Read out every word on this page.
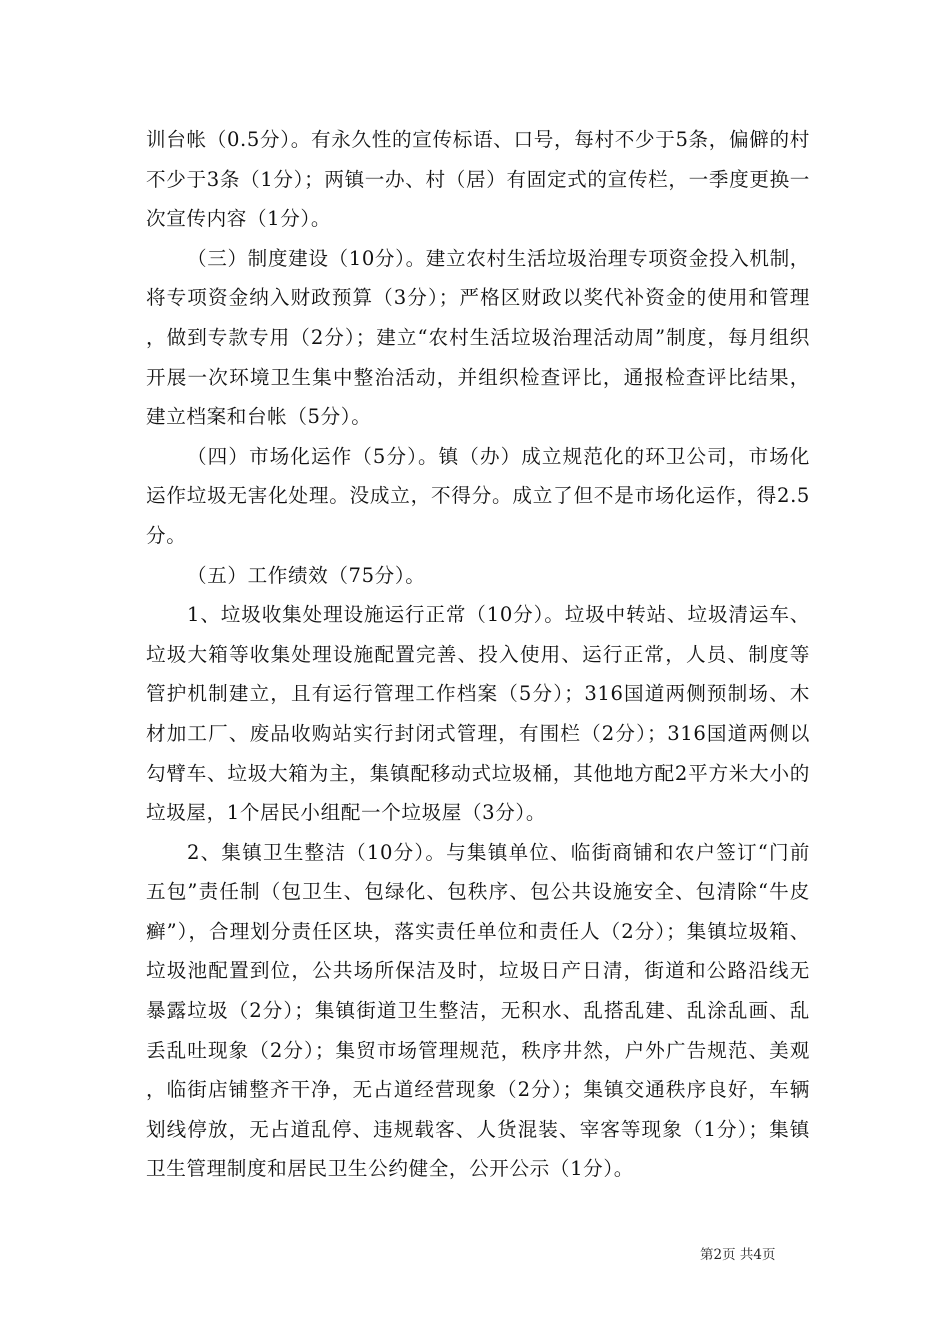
训台帐（0.5分）。有永久性的宣传标语、口号，每村不少于5条，偏僻的村不少于3条（1分）；两镇一办、村（居）有固定式的宣传栏，一季度更换一次宣传内容（1分）。

（三）制度建设（10分）。建立农村生活垃圾治理专项资金投入机制，将专项资金纳入财政预算（3分）；严格区财政以奖代补资金的使用和管理，做到专款专用（2分）；建立“农村生活垃圾治理活动周”制度，每月组织开展一次环境卫生集中整治活动，并组织检查评比，通报检查评比结果，建立档案和台帐（5分）。

（四）市场化运作（5分）。镇（办）成立规范化的环卫公司，市场化运作垃圾无害化处理。没成立，不得分。成立了但不是市场化运作，得2.5分。

（五）工作绩效（75分）。

1、垃圾收集处理设施运行正常（10分）。垃圾中转站、垃圾清运车、垃圾大箱等收集处理设施配置完善、投入使用、运行正常，人员、制度等管护机制建立，且有运行管理工作档案（5分）；316国道两侧预制场、木材加工厂、废品收购站实行封闭式管理，有围栏（2分）；316国道两侧以勾臂车、垃圾大箱为主，集镇配移动式垃圾桶，其他地方配2平方米大小的垃圾屋，1个居民小组配一个垃圾屋（3分）。

2、集镇卫生整洁（10分）。与集镇单位、临街商铺和农户签订“门前五包”责任制（包卫生、包绿化、包秩序、包公共设施安全、包清除“牛皮癣”），合理划分责任区块，落实责任单位和责任人（2分）；集镇垃圾箱、垃圾池配置到位，公共场所保洁及时，垃圾日产日清，街道和公路沿线无暴露垃圾（2分）；集镇街道卫生整洁，无积水、乱搭乱建、乱涂乱画、乱丢乱吐现象（2分）；集贸市场管理规范，秩序井然，户外广告规范、美观，临街店铺整齐干净，无占道经营现象（2分）；集镇交通秩序良好，车辆划线停放，无占道乱停、违规载客、人货混装、宰客等现象（1分）；集镇卫生管理制度和居民卫生公约健全，公开公示（1分）。

第2页 共4页
